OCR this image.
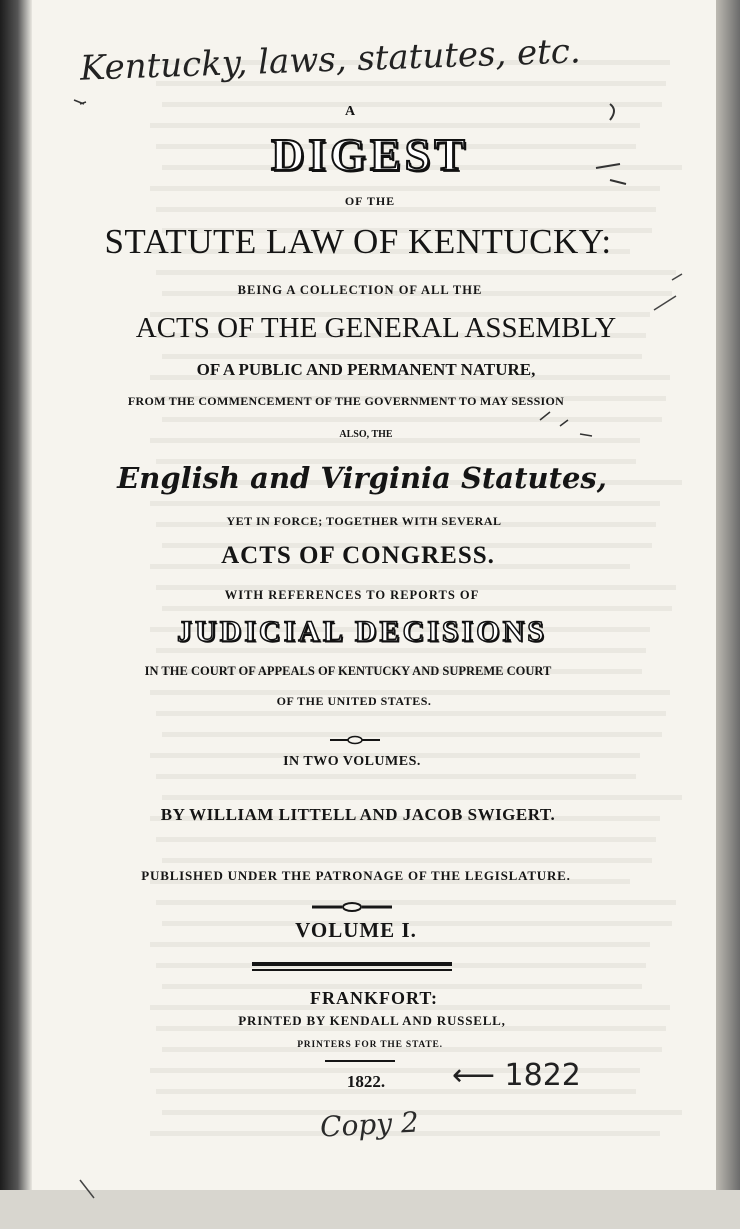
A
DIGEST
OF THE
STATUTE LAW OF KENTUCKY:
BEING A COLLECTION OF ALL THE
ACTS OF THE GENERAL ASSEMBLY
OF A PUBLIC AND PERMANENT NATURE,
FROM THE COMMENCEMENT OF THE GOVERNMENT TO MAY SESSION
ALSO, THE
English and Virginia Statutes,
YET IN FORCE; TOGETHER WITH SEVERAL
ACTS OF CONGRESS.
WITH REFERENCES TO REPORTS OF
JUDICIAL DECISIONS
IN THE COURT OF APPEALS OF KENTUCKY AND SUPREME COURT
OF THE UNITED STATES.
IN TWO VOLUMES.
BY WILLIAM LITTELL AND JACOB SWIGERT.
PUBLISHED UNDER THE PATRONAGE OF THE LEGISLATURE.
VOLUME I.
FRANKFORT:
PRINTED BY KENDALL AND RUSSELL,
PRINTERS FOR THE STATE.
1822.
Kentucky, laws, statutes, etc.
⟵ 1822
Copy 2
